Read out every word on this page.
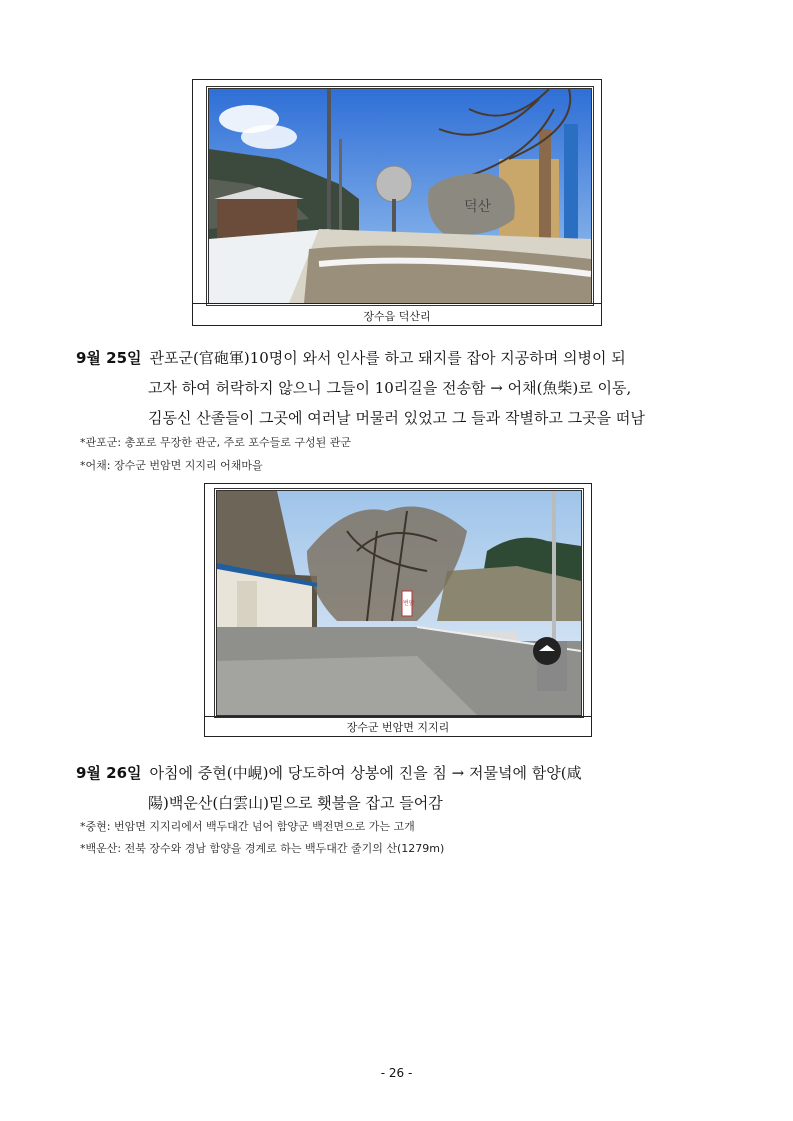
덕산
장수읍 덕산리
9월 25일 관포군(官砲軍)10명이 와서 인사를 하고 돼지를 잡아 지공하며 의병이 되
고자 하여 허락하지 않으니 그들이 10리길을 전송함 → 어채(魚柴)로 이동,
김동신 산졸들이 그곳에 여러날 머물러 있었고 그 들과 작별하고 그곳을 떠남
*관포군: 총포로 무장한 관군, 주로 포수들로 구성된 관군
*어채: 장수군 번암면 지지리 어채마을
번암
장수군 번암면 지지리
9월 26일 아침에 중현(中峴)에 당도하여 상봉에 진을 침 → 저물녘에 함양(咸
陽)백운산(白雲山)밑으로 횃불을 잡고 들어감
*중현: 번암면 지지리에서 백두대간 넘어 함양군 백전면으로 가는 고개
*백운산: 전북 장수와 경남 함양을 경계로 하는 백두대간 줄기의 산(1279m)
- 26 -
